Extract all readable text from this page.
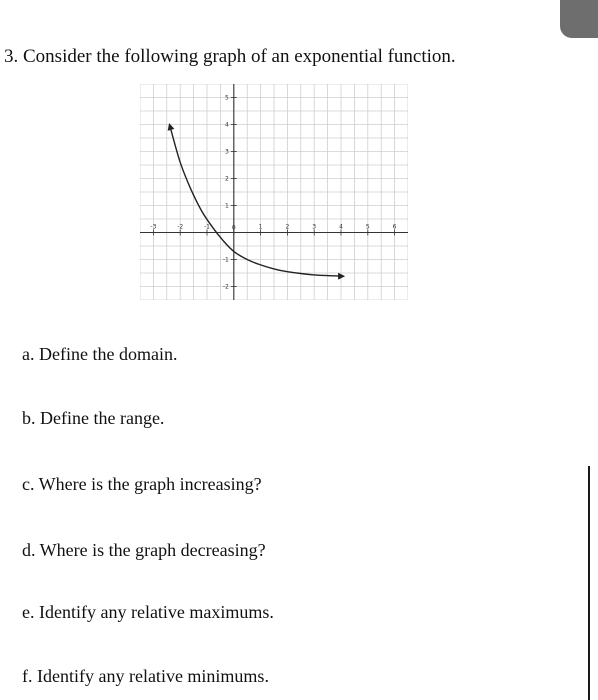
3. Consider the following graph of an exponential function.
-3	-2	-1	0	1	2	3	4	5	6
5
4
3
2
1
-1
-2
a. Define the domain.
b. Define the range.
c. Where is the graph increasing?
d. Where is the graph decreasing?
e. Identify any relative maximums.
f. Identify any relative minimums.
